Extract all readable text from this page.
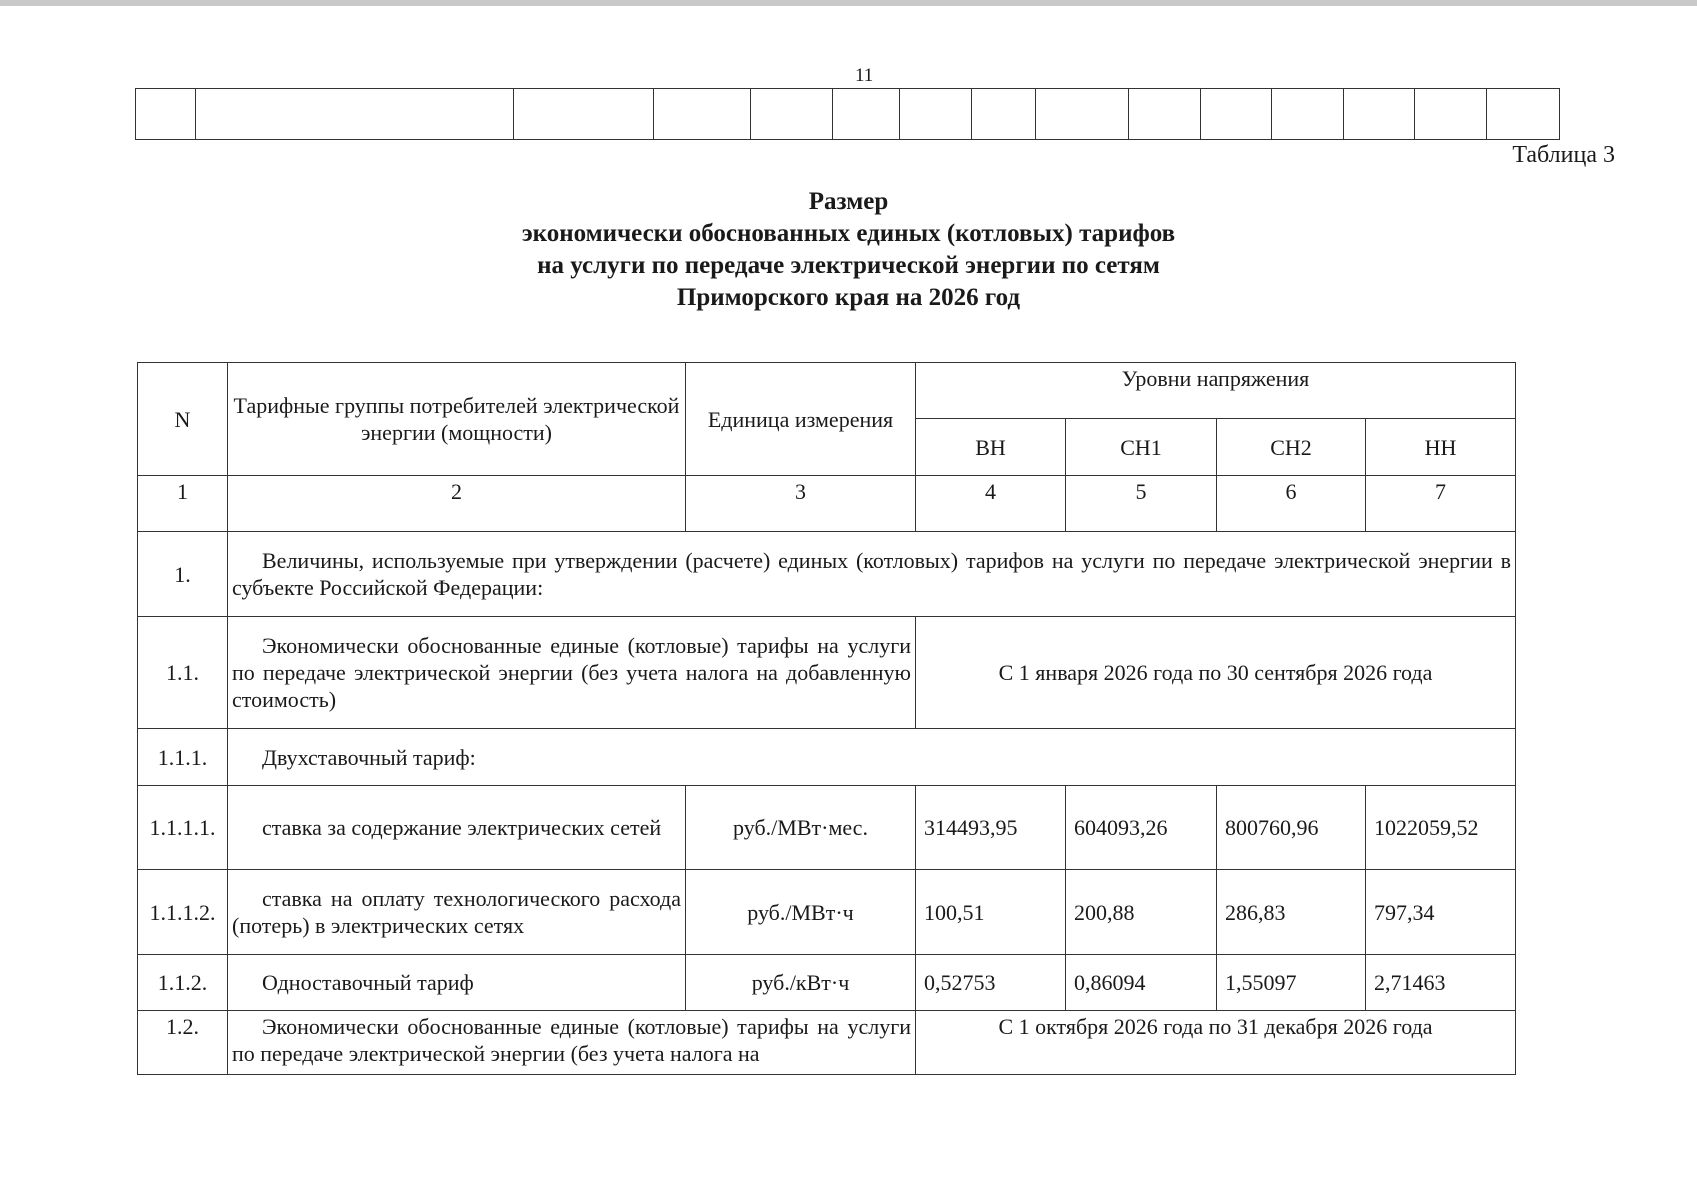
11

Таблица 3
Размер
экономически обоснованных единых (котловых) тарифов
на услуги по передаче электрической энергии по сетям
Приморского края на 2026 год
N	Тарифные группы потребителей электрической энергии (мощности)	Единица измерения	Уровни напряжения			
			ВН	СН1	СН2	НН
1	2	3	4	5	6	7
1.	Величины, используемые при утверждении (расчете) единых (котловых) тарифов на услуги по передаче электрической энергии в субъекте Российской Федерации:					
1.1.	Экономически обоснованные единые (котловые) тарифы на услуги по передаче электрической энергии (без учета налога на добавленную стоимость)		С 1 января 2026 года по 30 сентября 2026 года			
1.1.1.	Двухставочный тариф:					
1.1.1.1.	ставка за содержание электрических сетей	руб./МВт·мес.	314493,95	604093,26	800760,96	1022059,52
1.1.1.2.	ставка на оплату технологического расхода (потерь) в электрических сетях	руб./МВт·ч	100,51	200,88	286,83	797,34
1.1.2.	Одноставочный тариф	руб./кВт·ч	0,52753	0,86094	1,55097	2,71463
1.2.	Экономически обоснованные единые (котловые) тарифы на услуги по передаче электрической энергии (без учета налога на		С 1 октября 2026 года по 31 декабря 2026 года			
